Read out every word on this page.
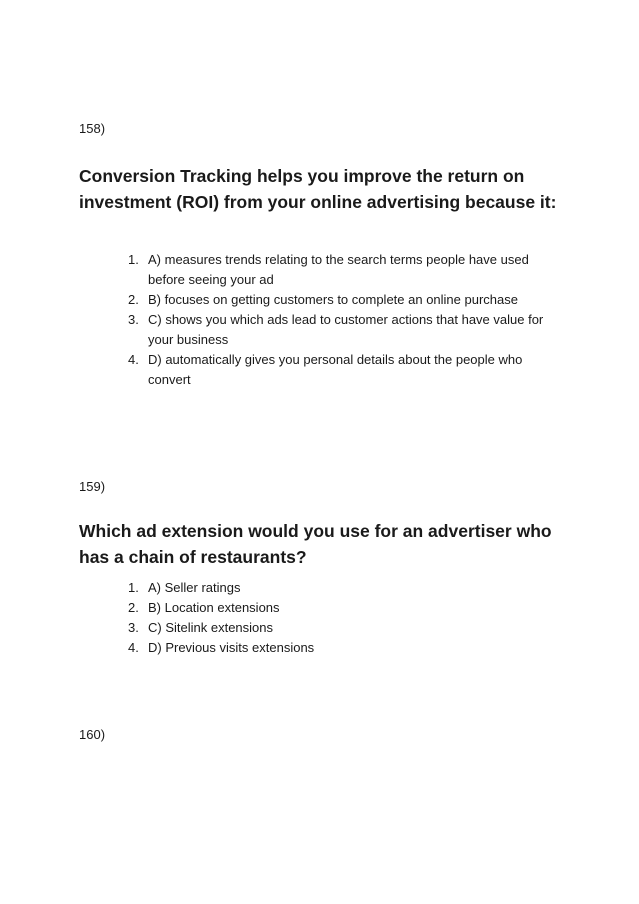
158)

Conversion Tracking helps you improve the return on investment (ROI) from your online advertising because it:

1. A) measures trends relating to the search terms people have used before seeing your ad
2. B) focuses on getting customers to complete an online purchase
3. C) shows you which ads lead to customer actions that have value for your business
4. D) automatically gives you personal details about the people who convert
159)

Which ad extension would you use for an advertiser who has a chain of restaurants?

1. A) Seller ratings
2. B) Location extensions
3. C) Sitelink extensions
4. D) Previous visits extensions
160)
